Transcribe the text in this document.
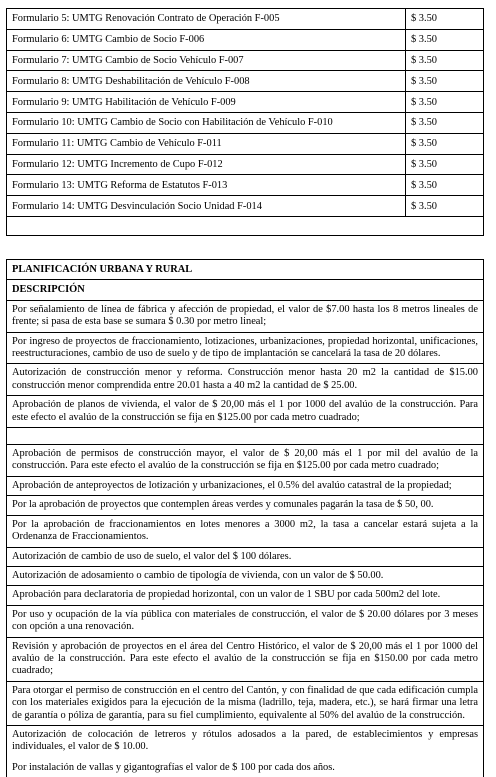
Formulario 5: UMTG Renovación Contrato de Operación F-005	$ 3.50
Formulario 6: UMTG Cambio de Socio F-006	$ 3.50
Formulario 7: UMTG Cambio de Socio Vehículo F-007	$ 3.50
Formulario 8: UMTG Deshabilitación de Vehículo F-008	$ 3.50
Formulario 9: UMTG Habilitación de Vehículo F-009	$ 3.50
Formulario 10: UMTG Cambio de Socio con Habilitación de Vehículo F-010	$ 3.50
Formulario 11: UMTG Cambio de Vehículo F-011	$ 3.50
Formulario 12: UMTG Incremento de Cupo F-012	$ 3.50
Formulario 13: UMTG Reforma de Estatutos F-013	$ 3.50
Formulario 14: UMTG Desvinculación Socio Unidad F-014	$ 3.50

PLANIFICACIÓN URBANA Y RURAL
DESCRIPCIÓN
Por señalamiento de línea de fábrica y afección de propiedad, el valor de $7.00 hasta los 8 metros lineales de frente; si pasa de esta base se sumara $ 0.30 por metro lineal;
Por ingreso de proyectos de fraccionamiento, lotizaciones, urbanizaciones, propiedad horizontal, unificaciones, reestructuraciones, cambio de uso de suelo y de tipo de implantación se cancelará la tasa de 20 dólares.
Autorización de construcción menor y reforma. Construcción menor hasta 20 m2 la cantidad de $15.00 construcción menor comprendida entre 20.01 hasta a 40 m2 la cantidad de $ 25.00.
Aprobación de planos de vivienda, el valor de $ 20,00 más el 1 por 1000 del avalúo de la construcción. Para este efecto el avalúo de la construcción se fija en $125.00 por cada metro cuadrado;

Aprobación de permisos de construcción mayor, el valor de $ 20,00 más el 1 por mil del avalúo de la construcción. Para este efecto el avalúo de la construcción se fija en $125.00 por cada metro cuadrado;
Aprobación de anteproyectos de lotización y urbanizaciones, el 0.5% del avalúo catastral de la propiedad;
Por la aprobación de proyectos que contemplen áreas verdes y comunales pagarán la tasa de $ 50, 00.
Por la aprobación de fraccionamientos en lotes menores a 3000 m2, la tasa a cancelar estará sujeta a la Ordenanza de Fraccionamientos.
Autorización de cambio de uso de suelo, el valor del $ 100 dólares.
Autorización de adosamiento o cambio de tipología de vivienda, con un valor de $ 50.00.
Aprobación para declaratoria de propiedad horizontal, con un valor de 1 SBU por cada 500m2 del lote.
Por uso y ocupación de la vía pública con materiales de construcción, el valor de $ 20.00 dólares por 3 meses con opción a una renovación.
Revisión y aprobación de proyectos en el área del Centro Histórico, el valor de $ 20,00 más el 1 por 1000 del avalúo de la construcción. Para este efecto el avalúo de la construcción se fija en $150.00 por cada metro cuadrado;
Para otorgar el permiso de construcción en el centro del Cantón, y con finalidad de que cada edificación cumpla con los materiales exigidos para la ejecución de la misma (ladrillo, teja, madera, etc.), se hará firmar una letra de garantía o póliza de garantía, para su fiel cumplimiento, equivalente al 50% del avalúo de la construcción.
Autorización de colocación de letreros y rótulos adosados a la pared, de establecimientos y empresas individuales, el valor de $ 10.00.
Por instalación de vallas y gigantografías el valor de $ 100 por cada dos años.
